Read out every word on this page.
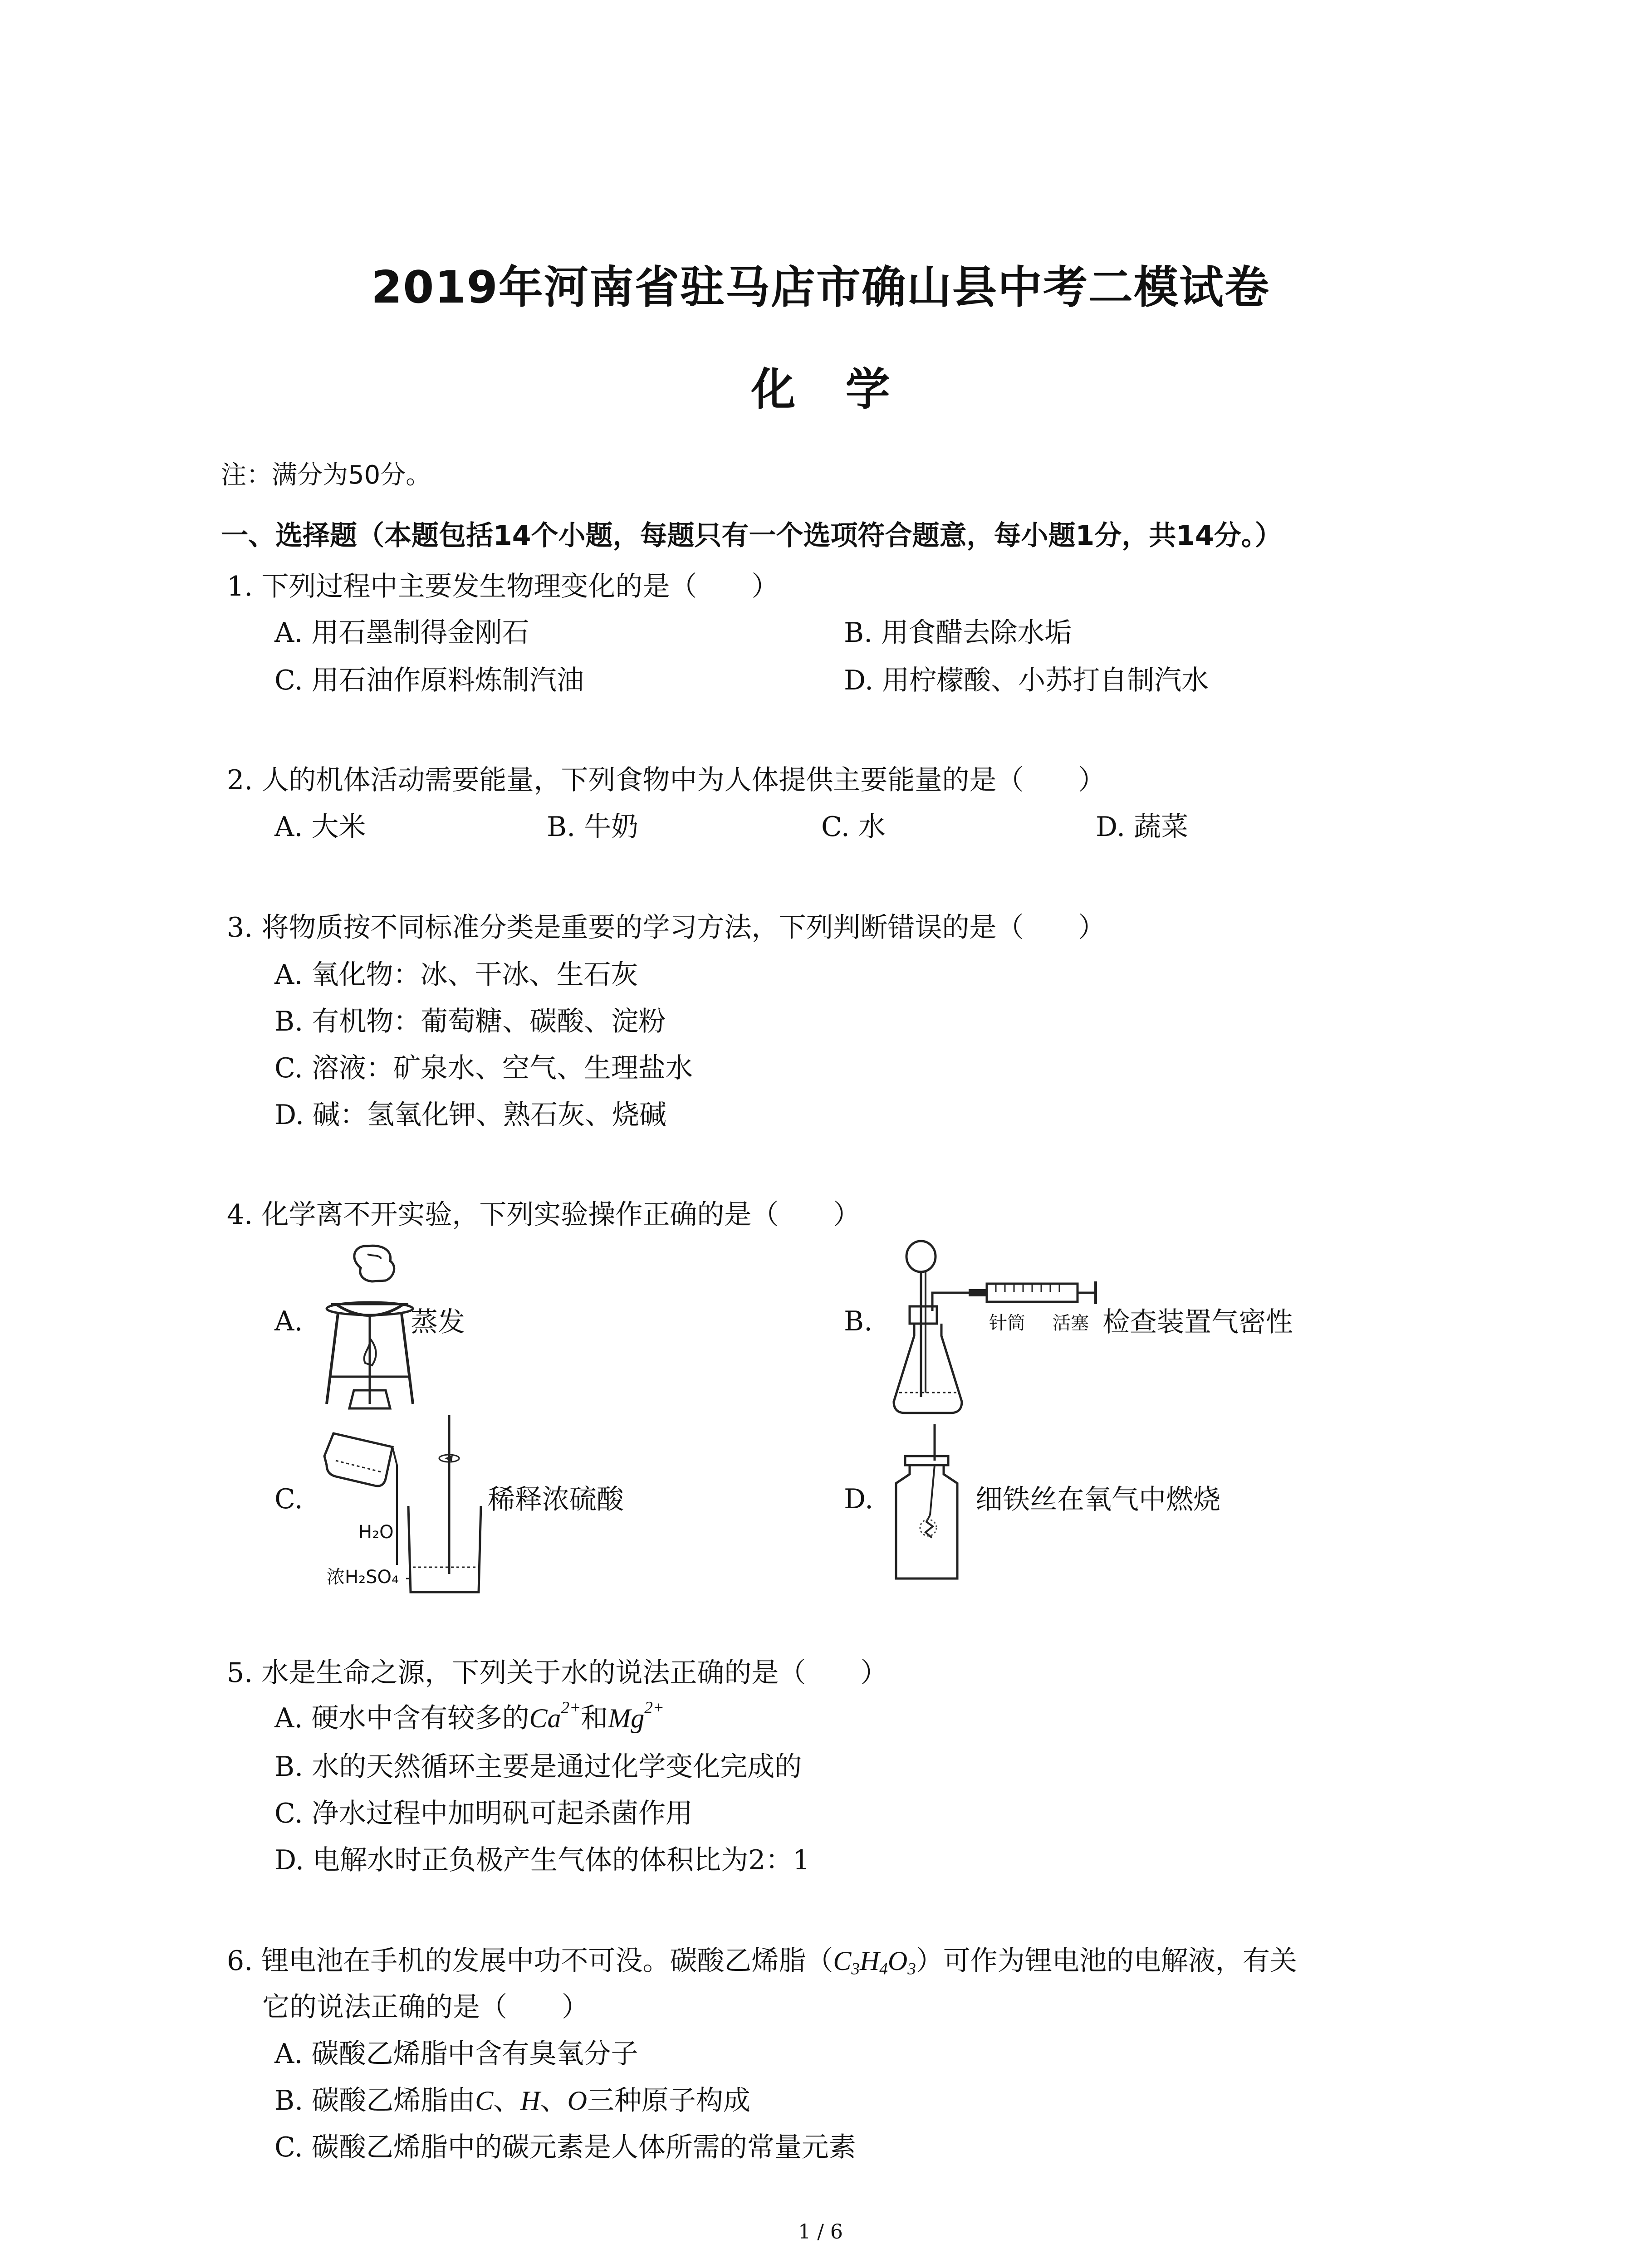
2019年河南省驻马店市确山县中考二模试卷
化 学
注：满分为50分。
一、选择题（本题包括14个小题，每题只有一个选项符合题意，每小题1分，共14分。）
1. 下列过程中主要发生物理变化的是（　　）
A. 用石墨制得金刚石	B. 用食醋去除水垢
C. 用石油作原料炼制汽油	D. 用柠檬酸、小苏打自制汽水
2. 人的机体活动需要能量，下列食物中为人体提供主要能量的是（　　）
A. 大米	B. 牛奶	C. 水	D. 蔬菜
3. 将物质按不同标准分类是重要的学习方法，下列判断错误的是（　　）
A. 氧化物：冰、干冰、生石灰
B. 有机物：葡萄糖、碳酸、淀粉
C. 溶液：矿泉水、空气、生理盐水
D. 碱：氢氧化钾、熟石灰、烧碱
4. 化学离不开实验，下列实验操作正确的是（　　）
A.	蒸发	B.	针筒 活塞 检查装置气密性
C.
H₂O
浓H₂SO₄
稀释浓硫酸	D.	细铁丝在氧气中燃烧
5. 水是生命之源，下列关于水的说法正确的是（　　）
A. 硬水中含有较多的$Ca^{2+}$和$Mg^{2+}$
B. 水的天然循环主要是通过化学变化完成的
C. 净水过程中加明矾可起杀菌作用
D. 电解水时正负极产生气体的体积比为2：1
6. 锂电池在手机的发展中功不可没。碳酸乙烯脂$(C_3H_4O_3)$可作为锂电池的电解液，有关
它的说法正确的是（　　）
A. 碳酸乙烯脂中含有臭氧分子
B. 碳酸乙烯脂由C、H、O三种原子构成
C. 碳酸乙烯脂中的碳元素是人体所需的常量元素
1 / 6
